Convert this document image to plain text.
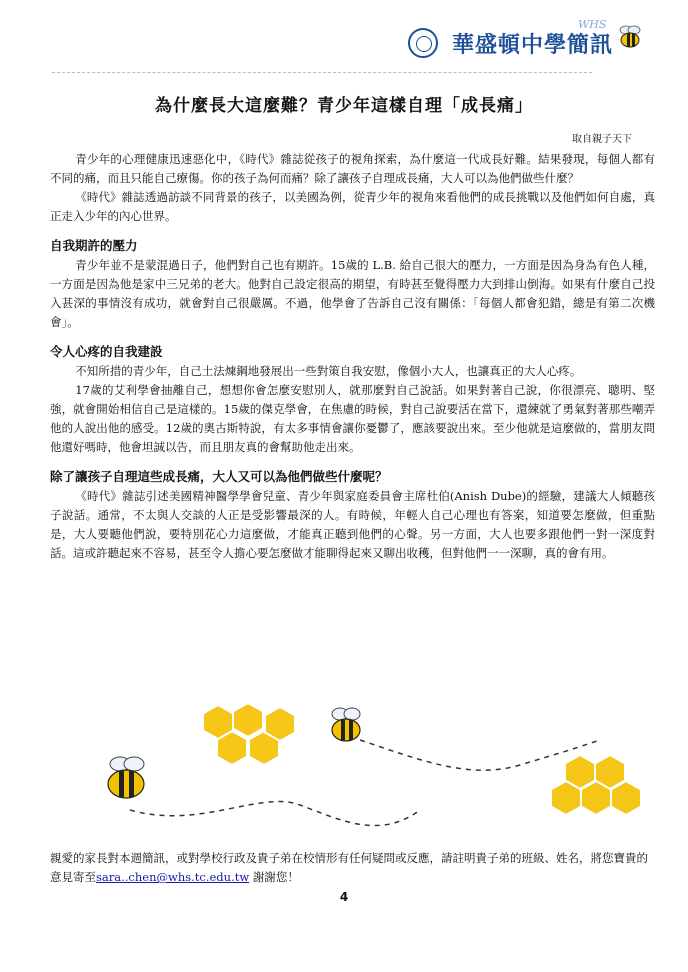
華盛頓中學簡訊
WHS
為什麼長大這麼難？青少年這樣自理「成長痛」
取自親子天下

青少年的心理健康迅速惡化中，《時代》雜誌從孩子的視角探索，為什麼這一代成長好難。結果發現，每個人都有不同的痛，而且只能自己療傷。你的孩子為何而痛？除了讓孩子自理成長痛，大人可以為他們做些什麼？

《時代》雜誌透過訪談不同背景的孩子，以美國為例，從青少年的視角來看他們的成長挑戰以及他們如何自處，真正走入少年的內心世界。

自我期許的壓力

青少年並不是蒙混過日子，他們對自己也有期許。15歲的 L.B. 給自己很大的壓力，一方面是因為身為有色人種，一方面是因為他是家中三兄弟的老大。他對自己設定很高的期望，有時甚至覺得壓力大到排山倒海。如果有什麼自己投入甚深的事情沒有成功，就會對自己很嚴厲。不過，他學會了告訴自己沒有關係：「每個人都會犯錯，總是有第二次機會」。

令人心疼的自我建設

不知所措的青少年，自己土法煉鋼地發展出一些對策自我安慰，像個小大人，也讓真正的大人心疼。

17歲的艾利學會抽離自己，想想你會怎麼安慰別人，就那麼對自己說話。如果對著自己說，你很漂亮、聰明、堅強，就會開始相信自己是這樣的。15歲的傑克學會，在焦慮的時候，對自己說要活在當下，還練就了勇氣對著那些嘲弄他的人說出他的感受。12歲的奧古斯特說，有太多事情會讓你憂鬱了，應該要說出來。至少他就是這麼做的，當朋友問他還好嗎時，他會坦誠以告，而且朋友真的會幫助他走出來。

除了讓孩子自理這些成長痛，大人又可以為他們做些什麼呢？

《時代》雜誌引述美國精神醫學學會兒童、青少年與家庭委員會主席杜伯(Anish Dube)的經驗，建議大人傾聽孩子說話。通常，不太與人交談的人正是受影響最深的人。有時候，年輕人自己心理也有答案，知道要怎麼做，但重點是，大人要聽他們說，要特別花心力這麼做，才能真正聽到他們的心聲。另一方面，大人也要多跟他們一對一深度對話。這或許聽起來不容易，甚至令人擔心要怎麼做才能聊得起來又聊出收穫，但對他們一一深聊，真的會有用。

親愛的家長對本週簡訊，或對學校行政及貴子弟在校情形有任何疑問或反應，請註明貴子弟的班級、姓名，將您寶貴的意見寄至sara..chen@whs.tc.edu.tw 謝謝您！
4
